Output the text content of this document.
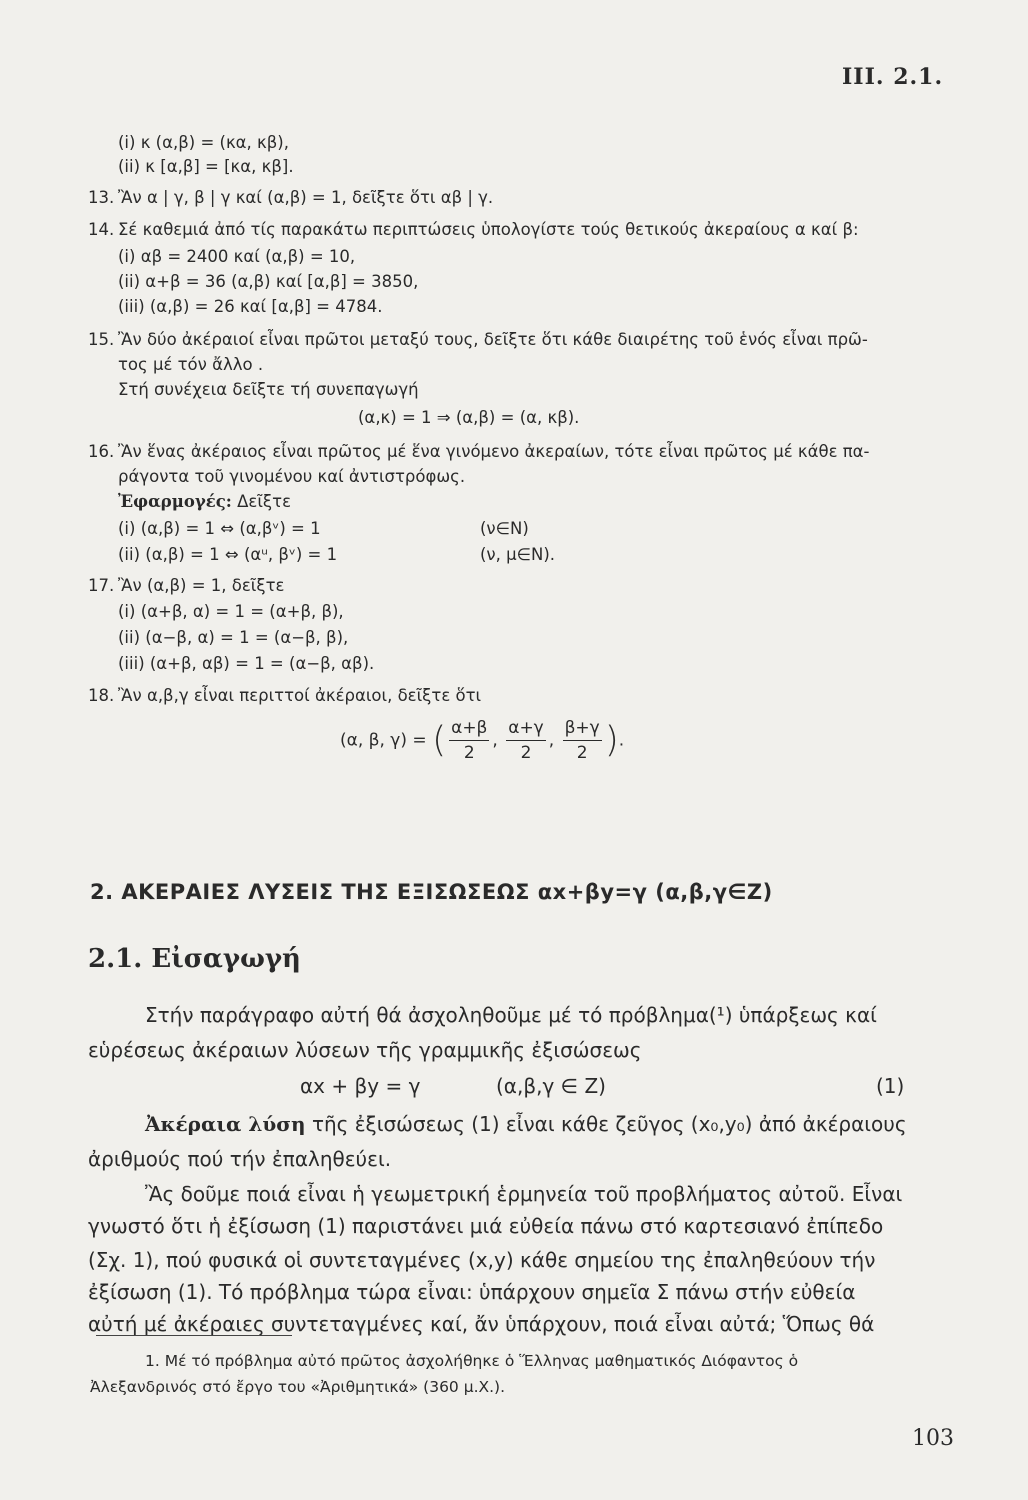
III. 2.1.
(i) κ (α,β) = (κα, κβ),
(ii) κ [α,β] = [κα, κβ].
13. Ἂν α | γ, β | γ καί (α,β) = 1, δεῖξτε ὅτι αβ | γ.
14. Σέ καθεμιά ἀπό τίς παρακάτω περιπτώσεις ὑπολογίστε τούς θετικούς ἀκεραίους α καί β:
(i) αβ = 2400 καί (α,β) = 10,
(ii) α+β = 36 (α,β) καί [α,β] = 3850,
(iii) (α,β) = 26 καί [α,β] = 4784.
15. Ἂν δύο ἀκέραιοί εἶναι πρῶτοι μεταξύ τους, δεῖξτε ὅτι κάθε διαιρέτης τοῦ ἑνός εἶναι πρῶ-
τος μέ τόν ἄλλο .
Στή συνέχεια δεῖξτε τή συνεπαγωγή
(α,κ) = 1 ⇒ (α,β) = (α, κβ).
16. Ἂν ἕνας ἀκέραιος εἶναι πρῶτος μέ ἕνα γινόμενο ἀκεραίων, τότε εἶναι πρῶτος μέ κάθε πα-
ράγοντα τοῦ γινομένου καί ἀντιστρόφως.
Ἐφαρμογές: Δεῖξτε
(i) (α,β) = 1 ⇔ (α,βᵛ) = 1	(ν∈N)
(ii) (α,β) = 1 ⇔ (αᵘ, βᵛ) = 1	(ν, μ∈N).
17. Ἂν (α,β) = 1, δεῖξτε
(i) (α+β, α) = 1 = (α+β, β),
(ii) (α−β, α) = 1 = (α−β, β),
(iii) (α+β, αβ) = 1 = (α−β, αβ).
18. Ἂν α,β,γ εἶναι περιττοί ἀκέραιοι, δεῖξτε ὅτι
(α, β, γ) = ( $\frac{\alpha+\beta}{2}$ , $\frac{\alpha+\gamma}{2}$ , $\frac{\beta+\gamma}{2}$ ).
2. ΑΚΕΡΑΙΕΣ ΛΥΣΕΙΣ ΤΗΣ ΕΞΙΣΩΣΕΩΣ αx+βy=γ (α,β,γ∈Z)
2.1. Εἰσαγωγή
Στήν παράγραφο αὐτή θά ἀσχοληθοῦμε μέ τό πρόβλημα(¹) ὑπάρξεως καί
εὑρέσεως ἀκέραιων λύσεων τῆς γραμμικῆς ἐξισώσεως
αx + βy = γ	(α,β,γ ∈ Z)	(1)
Ἀκέραια λύση τῆς ἐξισώσεως (1) εἶναι κάθε ζεῦγος (x₀,y₀) ἀπό ἀκέραιους
ἀριθμούς πού τήν ἐπαληθεύει.
Ἂς δοῦμε ποιά εἶναι ἡ γεωμετρική ἑρμηνεία τοῦ προβλήματος αὐτοῦ. Εἶναι
γνωστό ὅτι ἡ ἐξίσωση (1) παριστάνει μιά εὐθεία πάνω στό καρτεσιανό ἐπίπεδο
(Σχ. 1), πού φυσικά οἱ συντεταγμένες (x,y) κάθε σημείου της ἐπαληθεύουν τήν
ἐξίσωση (1). Τό πρόβλημα τώρα εἶναι: ὑπάρχουν σημεῖα Σ πάνω στήν εὐθεία
αὐτή μέ ἀκέραιες συντεταγμένες καί, ἄν ὑπάρχουν, ποιά εἶναι αὐτά; Ὅπως θά
1. Μέ τό πρόβλημα αὐτό πρῶτος ἀσχολήθηκε ὁ Ἕλληνας μαθηματικός Διόφαντος ὁ
Ἀλεξανδρινός στό ἔργο του «Ἀριθμητικά» (360 μ.Χ.).
103
